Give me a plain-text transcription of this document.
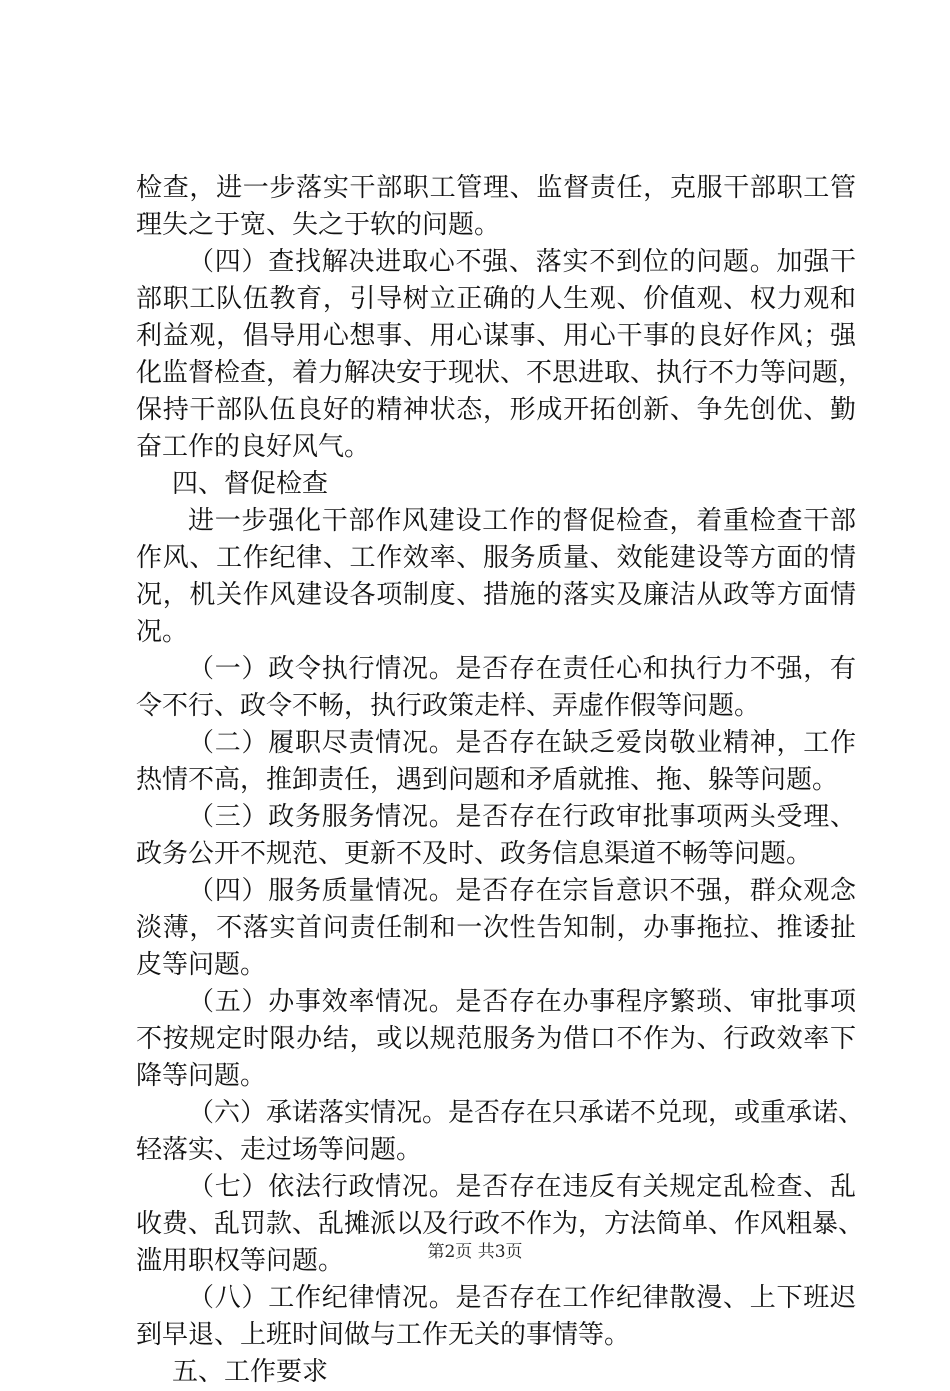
检查，进一步落实干部职工管理、监督责任，克服干部职工管
理失之于宽、失之于软的问题。
（四）查找解决进取心不强、落实不到位的问题。加强干
部职工队伍教育，引导树立正确的人生观、价值观、权力观和
利益观，倡导用心想事、用心谋事、用心干事的良好作风；强
化监督检查，着力解决安于现状、不思进取、执行不力等问题，
保持干部队伍良好的精神状态，形成开拓创新、争先创优、勤
奋工作的良好风气。
四、督促检查
进一步强化干部作风建设工作的督促检查，着重检查干部
作风、工作纪律、工作效率、服务质量、效能建设等方面的情
况，机关作风建设各项制度、措施的落实及廉洁从政等方面情
况。
（一）政令执行情况。是否存在责任心和执行力不强，有
令不行、政令不畅，执行政策走样、弄虚作假等问题。
（二）履职尽责情况。是否存在缺乏爱岗敬业精神，工作
热情不高，推卸责任，遇到问题和矛盾就推、拖、躲等问题。
（三）政务服务情况。是否存在行政审批事项两头受理、
政务公开不规范、更新不及时、政务信息渠道不畅等问题。
（四）服务质量情况。是否存在宗旨意识不强，群众观念
淡薄，不落实首问责任制和一次性告知制，办事拖拉、推诿扯
皮等问题。
（五）办事效率情况。是否存在办事程序繁琐、审批事项
不按规定时限办结，或以规范服务为借口不作为、行政效率下
降等问题。
（六）承诺落实情况。是否存在只承诺不兑现，或重承诺、
轻落实、走过场等问题。
（七）依法行政情况。是否存在违反有关规定乱检查、乱
收费、乱罚款、乱摊派以及行政不作为，方法简单、作风粗暴、
滥用职权等问题。
（八）工作纪律情况。是否存在工作纪律散漫、上下班迟
到早退、上班时间做与工作无关的事情等。
五、工作要求
第2页 共3页
